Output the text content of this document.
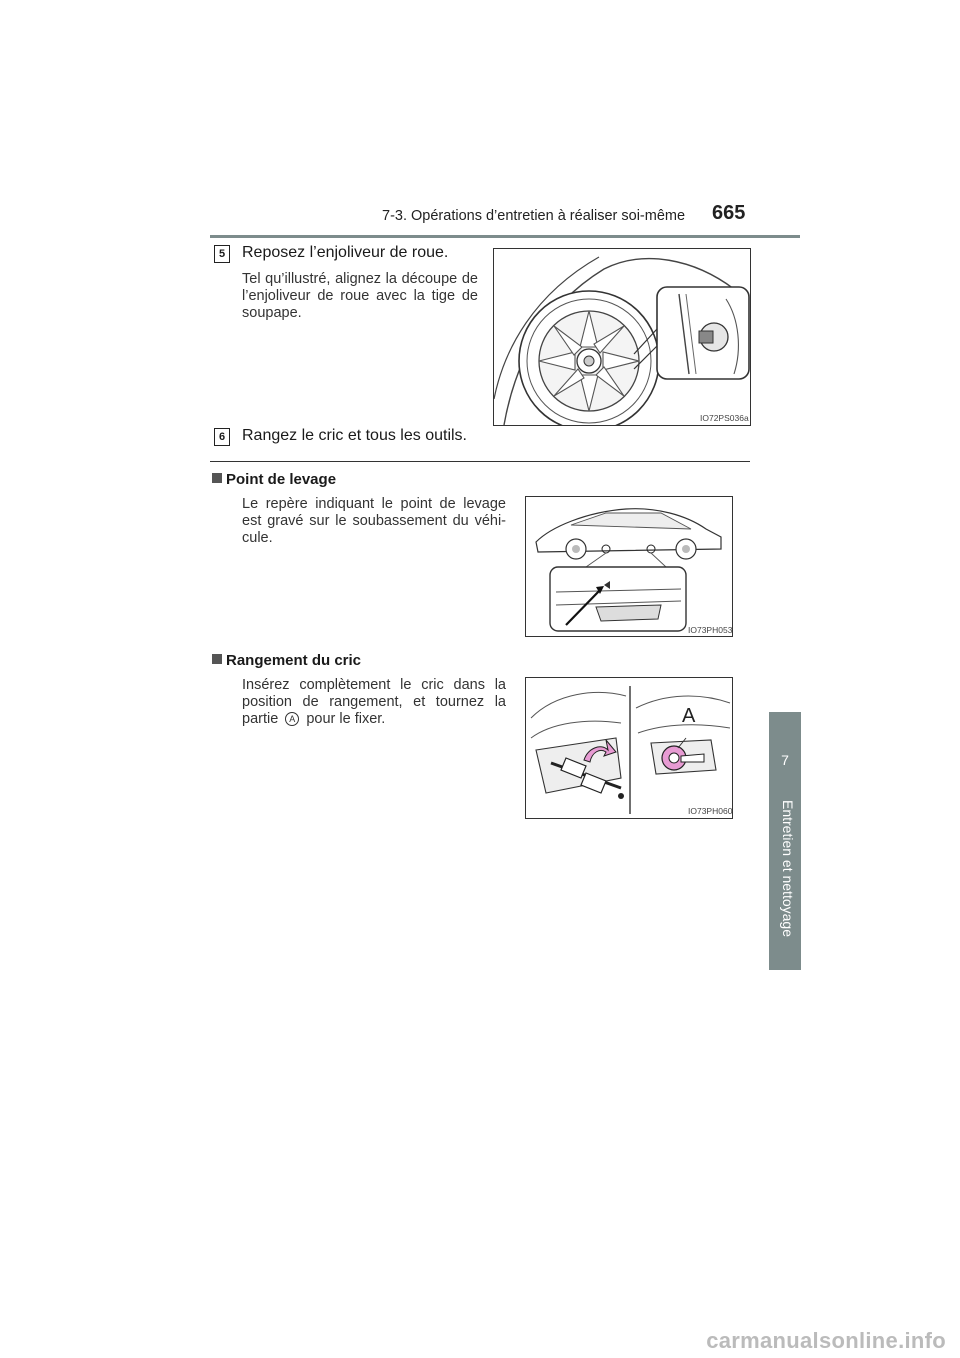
7-3. Opérations d’entretien à réaliser soi-même 665
7
Entretien et nettoyage
5	Reposez l’enjoliveur de roue.
Tel qu’illustré, alignez la découpe de l’enjoliveur de roue avec la tige de soupape.
IO72PS036a
6	Rangez le cric et tous les outils.
Point de levage
Le repère indiquant le point de levage est gravé sur le soubassement du véhi-cule.
IO73PH053
Rangement du cric
Insérez complètement le cric dans la position de rangement, et tournez la partie A pour le fixer.	A
IO73PH060
carmanualsonline.info
